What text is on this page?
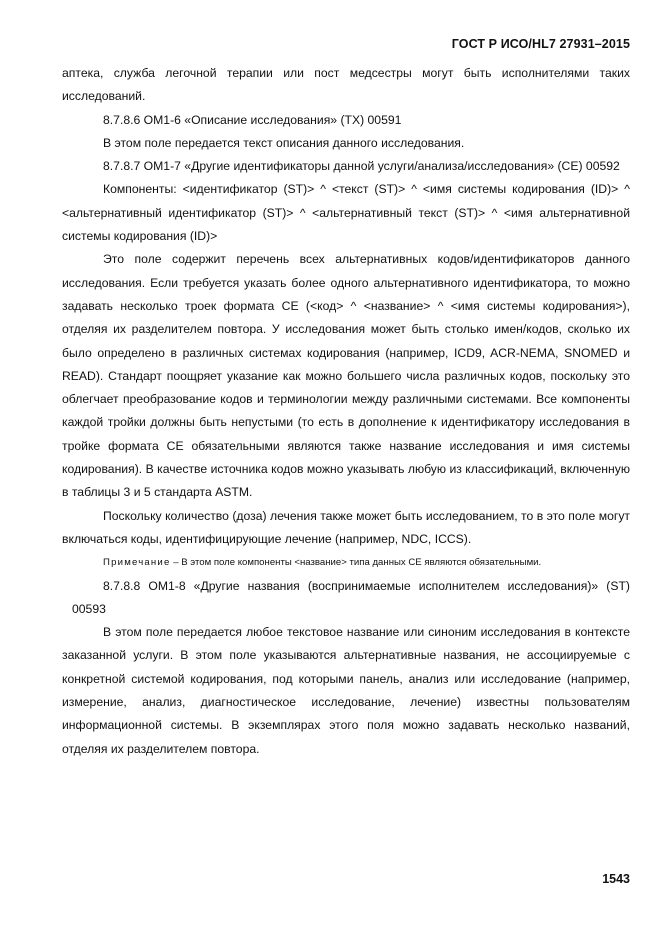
ГОСТ Р ИСО/HL7 27931–2015

аптека, служба легочной терапии или пост медсестры могут быть исполнителями таких исследований.

8.7.8.6 OM1-6 «Описание исследования» (TX) 00591

В этом поле передается текст описания данного исследования.

8.7.8.7 OM1-7 «Другие идентификаторы данной услуги/анализа/исследования» (CE) 00592

Компоненты: <идентификатор (ST)> ^ <текст (ST)> ^ <имя системы кодирования (ID)> ^ <альтернативный идентификатор (ST)> ^ <альтернативный текст (ST)> ^ <имя альтернативной системы кодирования (ID)>

Это поле содержит перечень всех альтернативных кодов/идентификаторов данного исследования. Если требуется указать более одного альтернативного идентификатора, то можно задавать несколько троек формата CE (<код> ^ <название> ^ <имя системы кодирования>), отделяя их разделителем повтора. У исследования может быть столько имен/кодов, сколько их было определено в различных системах кодирования (например, ICD9, ACR-NEMA, SNOMED и READ). Стандарт поощряет указание как можно большего числа различных кодов, поскольку это облегчает преобразование кодов и терминологии между различными системами. Все компоненты каждой тройки должны быть непустыми (то есть в дополнение к идентификатору исследования в тройке формата CE обязательными являются также название исследования и имя системы кодирования). В качестве источника кодов можно указывать любую из классификаций, включенную в таблицы 3 и 5 стандарта ASTM.

Поскольку количество (доза) лечения также может быть исследованием, то в это поле могут включаться коды, идентифицирующие лечение (например, NDC, ICCS).

Примечание – В этом поле компоненты <название> типа данных CE являются обязательными.

8.7.8.8 OM1-8 «Другие названия (воспринимаемые исполнителем исследования)» (ST) 00593

В этом поле передается любое текстовое название или синоним исследования в контексте заказанной услуги. В этом поле указываются альтернативные названия, не ассоциируемые с конкретной системой кодирования, под которыми панель, анализ или исследование (например, измерение, анализ, диагностическое исследование, лечение) известны пользователям информационной системы. В экземплярах этого поля можно задавать несколько названий, отделяя их разделителем повтора.

1543
